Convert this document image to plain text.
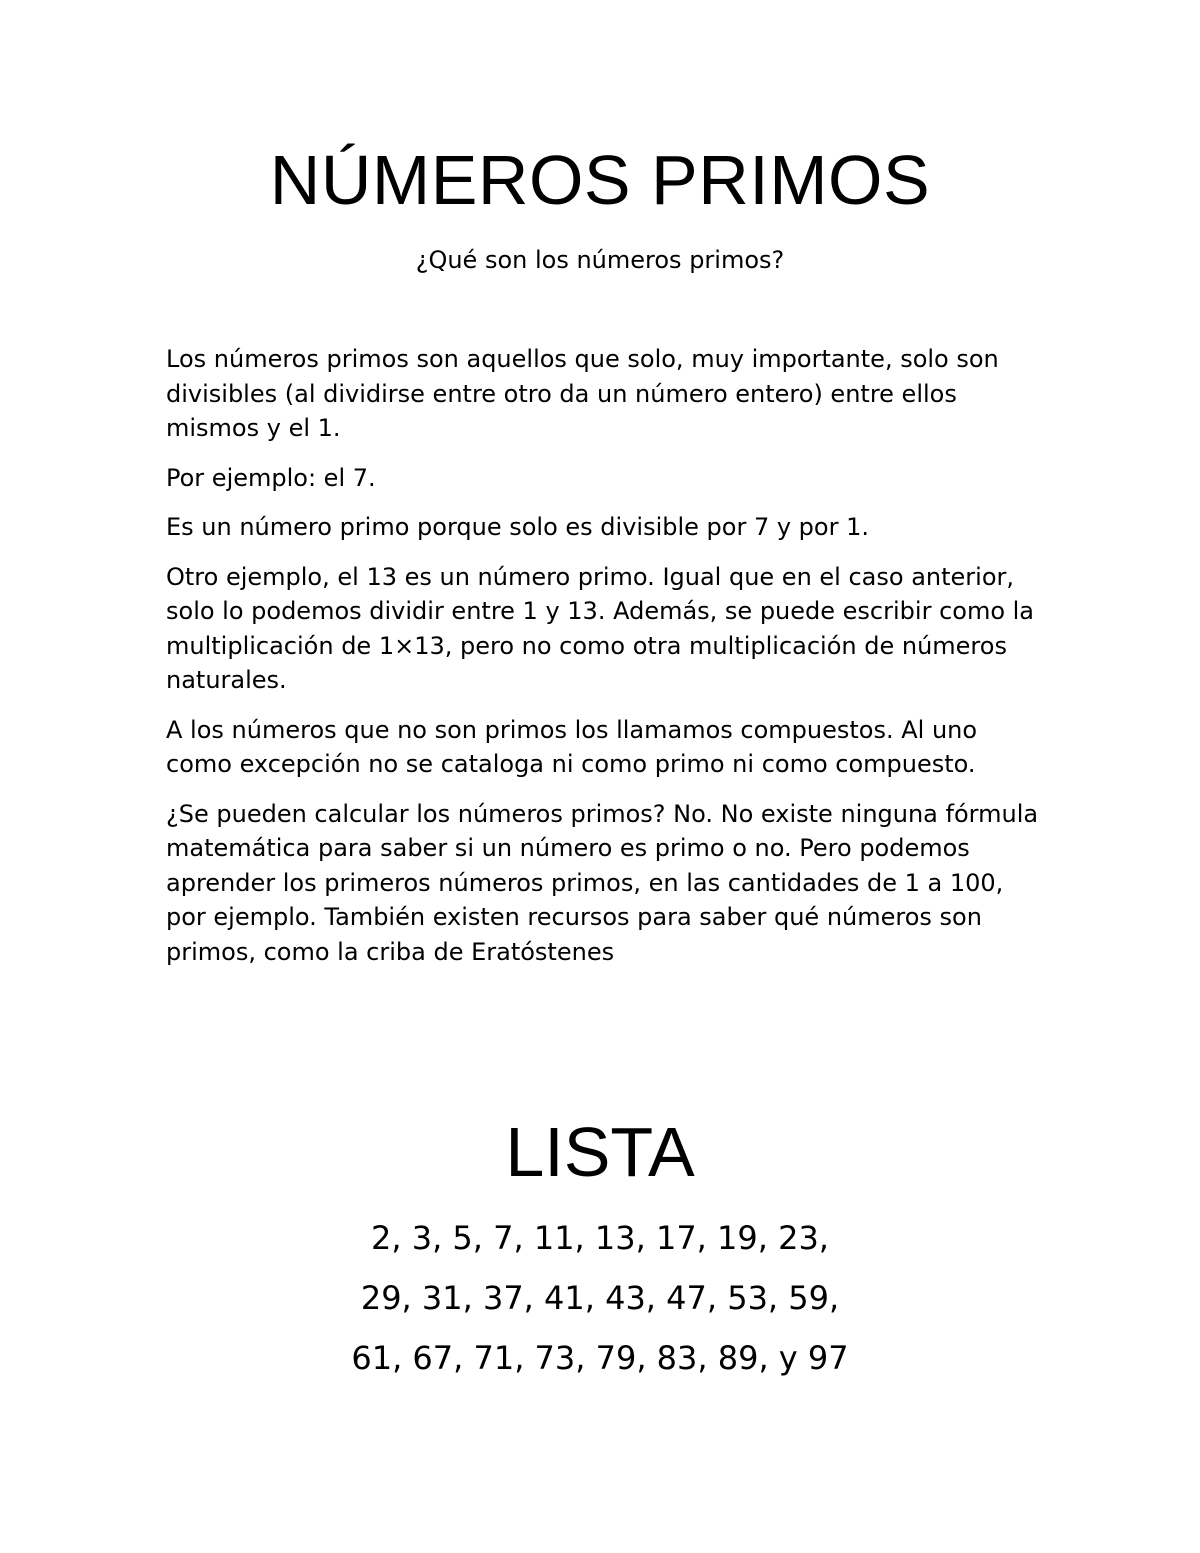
NÚMEROS PRIMOS
¿Qué son los números primos?

Los números primos son aquellos que solo, muy importante, solo son divisibles (al dividirse entre otro da un número entero) entre ellos mismos y el 1.

Por ejemplo: el 7.

Es un número primo porque solo es divisible por 7 y por 1.

Otro ejemplo, el 13 es un número primo. Igual que en el caso anterior, solo lo podemos dividir entre 1 y 13. Además, se puede escribir como la multiplicación de 1×13, pero no como otra multiplicación de números naturales.

A los números que no son primos los llamamos compuestos. Al uno como excepción no se cataloga ni como primo ni como compuesto.

¿Se pueden calcular los números primos? No. No existe ninguna fórmula matemática para saber si un número es primo o no. Pero podemos aprender los primeros números primos, en las cantidades de 1 a 100, por ejemplo. También existen recursos para saber qué números son primos, como la criba de Eratóstenes

LISTA
2, 3, 5, 7, 11, 13, 17, 19, 23,
29, 31, 37, 41, 43, 47, 53, 59,
61, 67, 71, 73, 79, 83, 89, y 97
